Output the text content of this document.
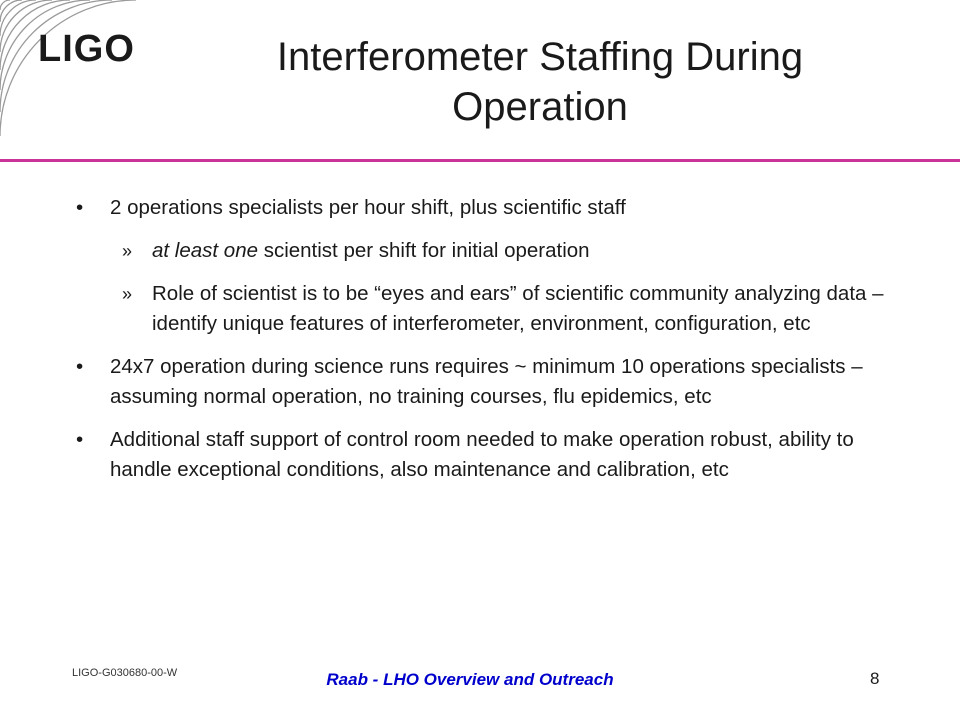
LIGO	Interferometer Staffing During
Operation
• 2 operations specialists per hour shift, plus scientific staff
» at least one scientist per shift for initial operation
» Role of scientist is to be “eyes and ears” of scientific community analyzing data – identify unique features of interferometer, environment, configuration, etc
• 24x7 operation during science runs requires ~ minimum 10 operations specialists – assuming normal operation, no training courses, flu epidemics, etc
• Additional staff support of control room needed to make operation robust, ability to handle exceptional conditions, also maintenance and calibration, etc
LIGO-G030680-00-W	Raab - LHO Overview and Outreach	8
